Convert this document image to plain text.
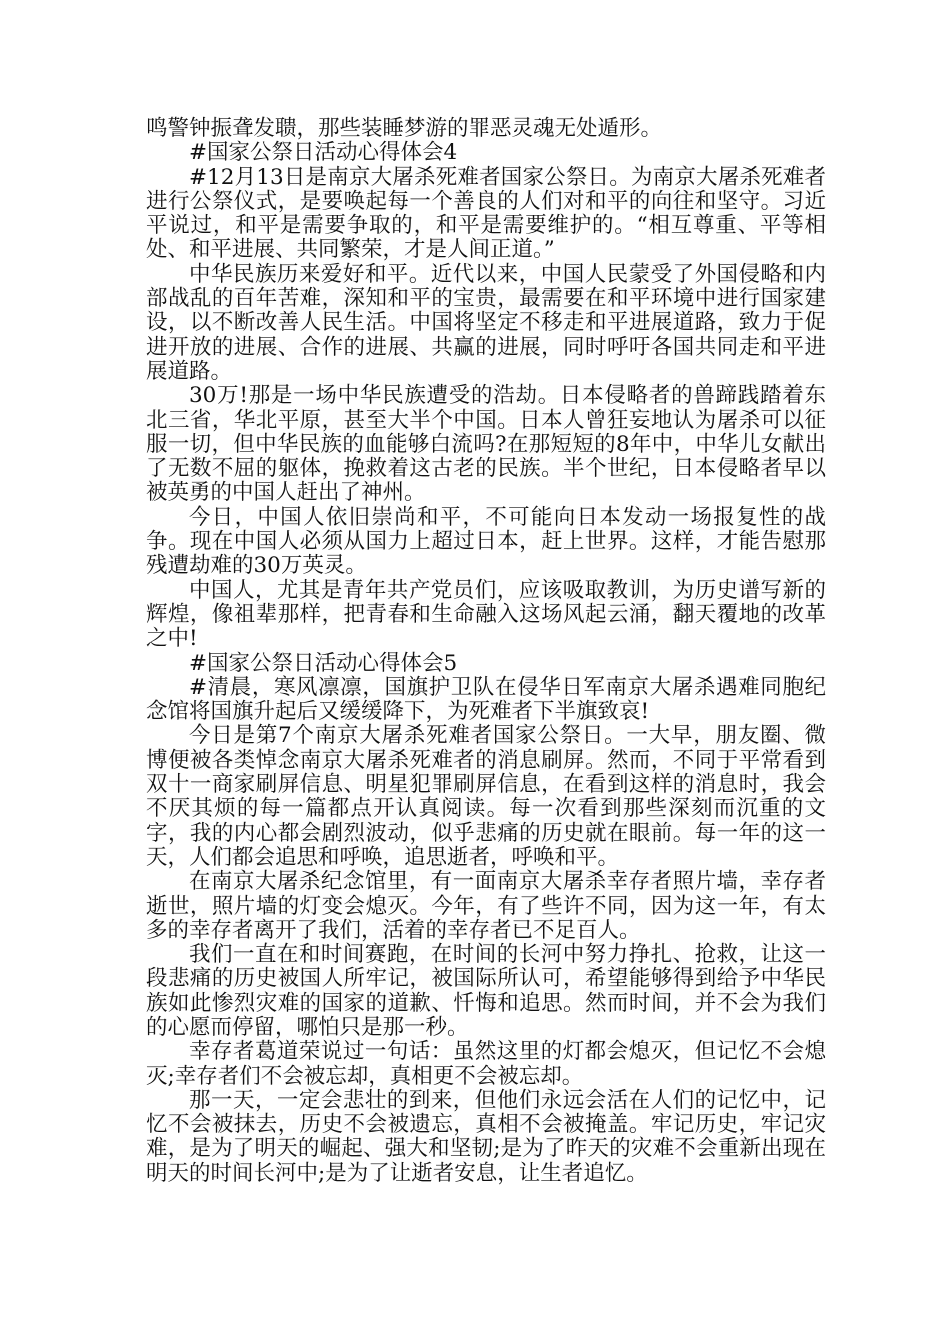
鸣警钟振聋发聩，那些装睡梦游的罪恶灵魂无处遁形。

#国家公祭日活动心得体会4

#12月13日是南京大屠杀死难者国家公祭日。为南京大屠杀死难者进行公祭仪式，是要唤起每一个善良的人们对和平的向往和坚守。习近平说过，和平是需要争取的，和平是需要维护的。“相互尊重、平等相处、和平进展、共同繁荣，才是人间正道。”

中华民族历来爱好和平。近代以来，中国人民蒙受了外国侵略和内部战乱的百年苦难，深知和平的宝贵，最需要在和平环境中进行国家建设，以不断改善人民生活。中国将坚定不移走和平进展道路，致力于促进开放的进展、合作的进展、共赢的进展，同时呼吁各国共同走和平进展道路。

30万!那是一场中华民族遭受的浩劫。日本侵略者的兽蹄践踏着东北三省，华北平原，甚至大半个中国。日本人曾狂妄地认为屠杀可以征服一切，但中华民族的血能够白流吗?在那短短的8年中，中华儿女献出了无数不屈的躯体，挽救着这古老的民族。半个世纪，日本侵略者早以被英勇的中国人赶出了神州。

今日，中国人依旧崇尚和平，不可能向日本发动一场报复性的战争。现在中国人必须从国力上超过日本，赶上世界。这样，才能告慰那残遭劫难的30万英灵。

中国人，尤其是青年共产党员们，应该吸取教训，为历史谱写新的辉煌，像祖辈那样，把青春和生命融入这场风起云涌，翻天覆地的改革之中!

#国家公祭日活动心得体会5

#清晨，寒风凛凛，国旗护卫队在侵华日军南京大屠杀遇难同胞纪念馆将国旗升起后又缓缓降下，为死难者下半旗致哀!

今日是第7个南京大屠杀死难者国家公祭日。一大早，朋友圈、微博便被各类悼念南京大屠杀死难者的消息刷屏。然而，不同于平常看到双十一商家刷屏信息、明星犯罪刷屏信息，在看到这样的消息时，我会不厌其烦的每一篇都点开认真阅读。每一次看到那些深刻而沉重的文字，我的内心都会剧烈波动，似乎悲痛的历史就在眼前。每一年的这一天，人们都会追思和呼唤，追思逝者，呼唤和平。

在南京大屠杀纪念馆里，有一面南京大屠杀幸存者照片墙，幸存者逝世，照片墙的灯变会熄灭。今年，有了些许不同，因为这一年，有太多的幸存者离开了我们，活着的幸存者已不足百人。

我们一直在和时间赛跑，在时间的长河中努力挣扎、抢救，让这一段悲痛的历史被国人所牢记，被国际所认可，希望能够得到给予中华民族如此惨烈灾难的国家的道歉、忏悔和追思。然而时间，并不会为我们的心愿而停留，哪怕只是那一秒。

幸存者葛道荣说过一句话：虽然这里的灯都会熄灭，但记忆不会熄灭;幸存者们不会被忘却，真相更不会被忘却。

那一天，一定会悲壮的到来，但他们永远会活在人们的记忆中，记忆不会被抹去，历史不会被遗忘，真相不会被掩盖。牢记历史，牢记灾难，是为了明天的崛起、强大和坚韧;是为了昨天的灾难不会重新出现在明天的时间长河中;是为了让逝者安息，让生者追忆。
